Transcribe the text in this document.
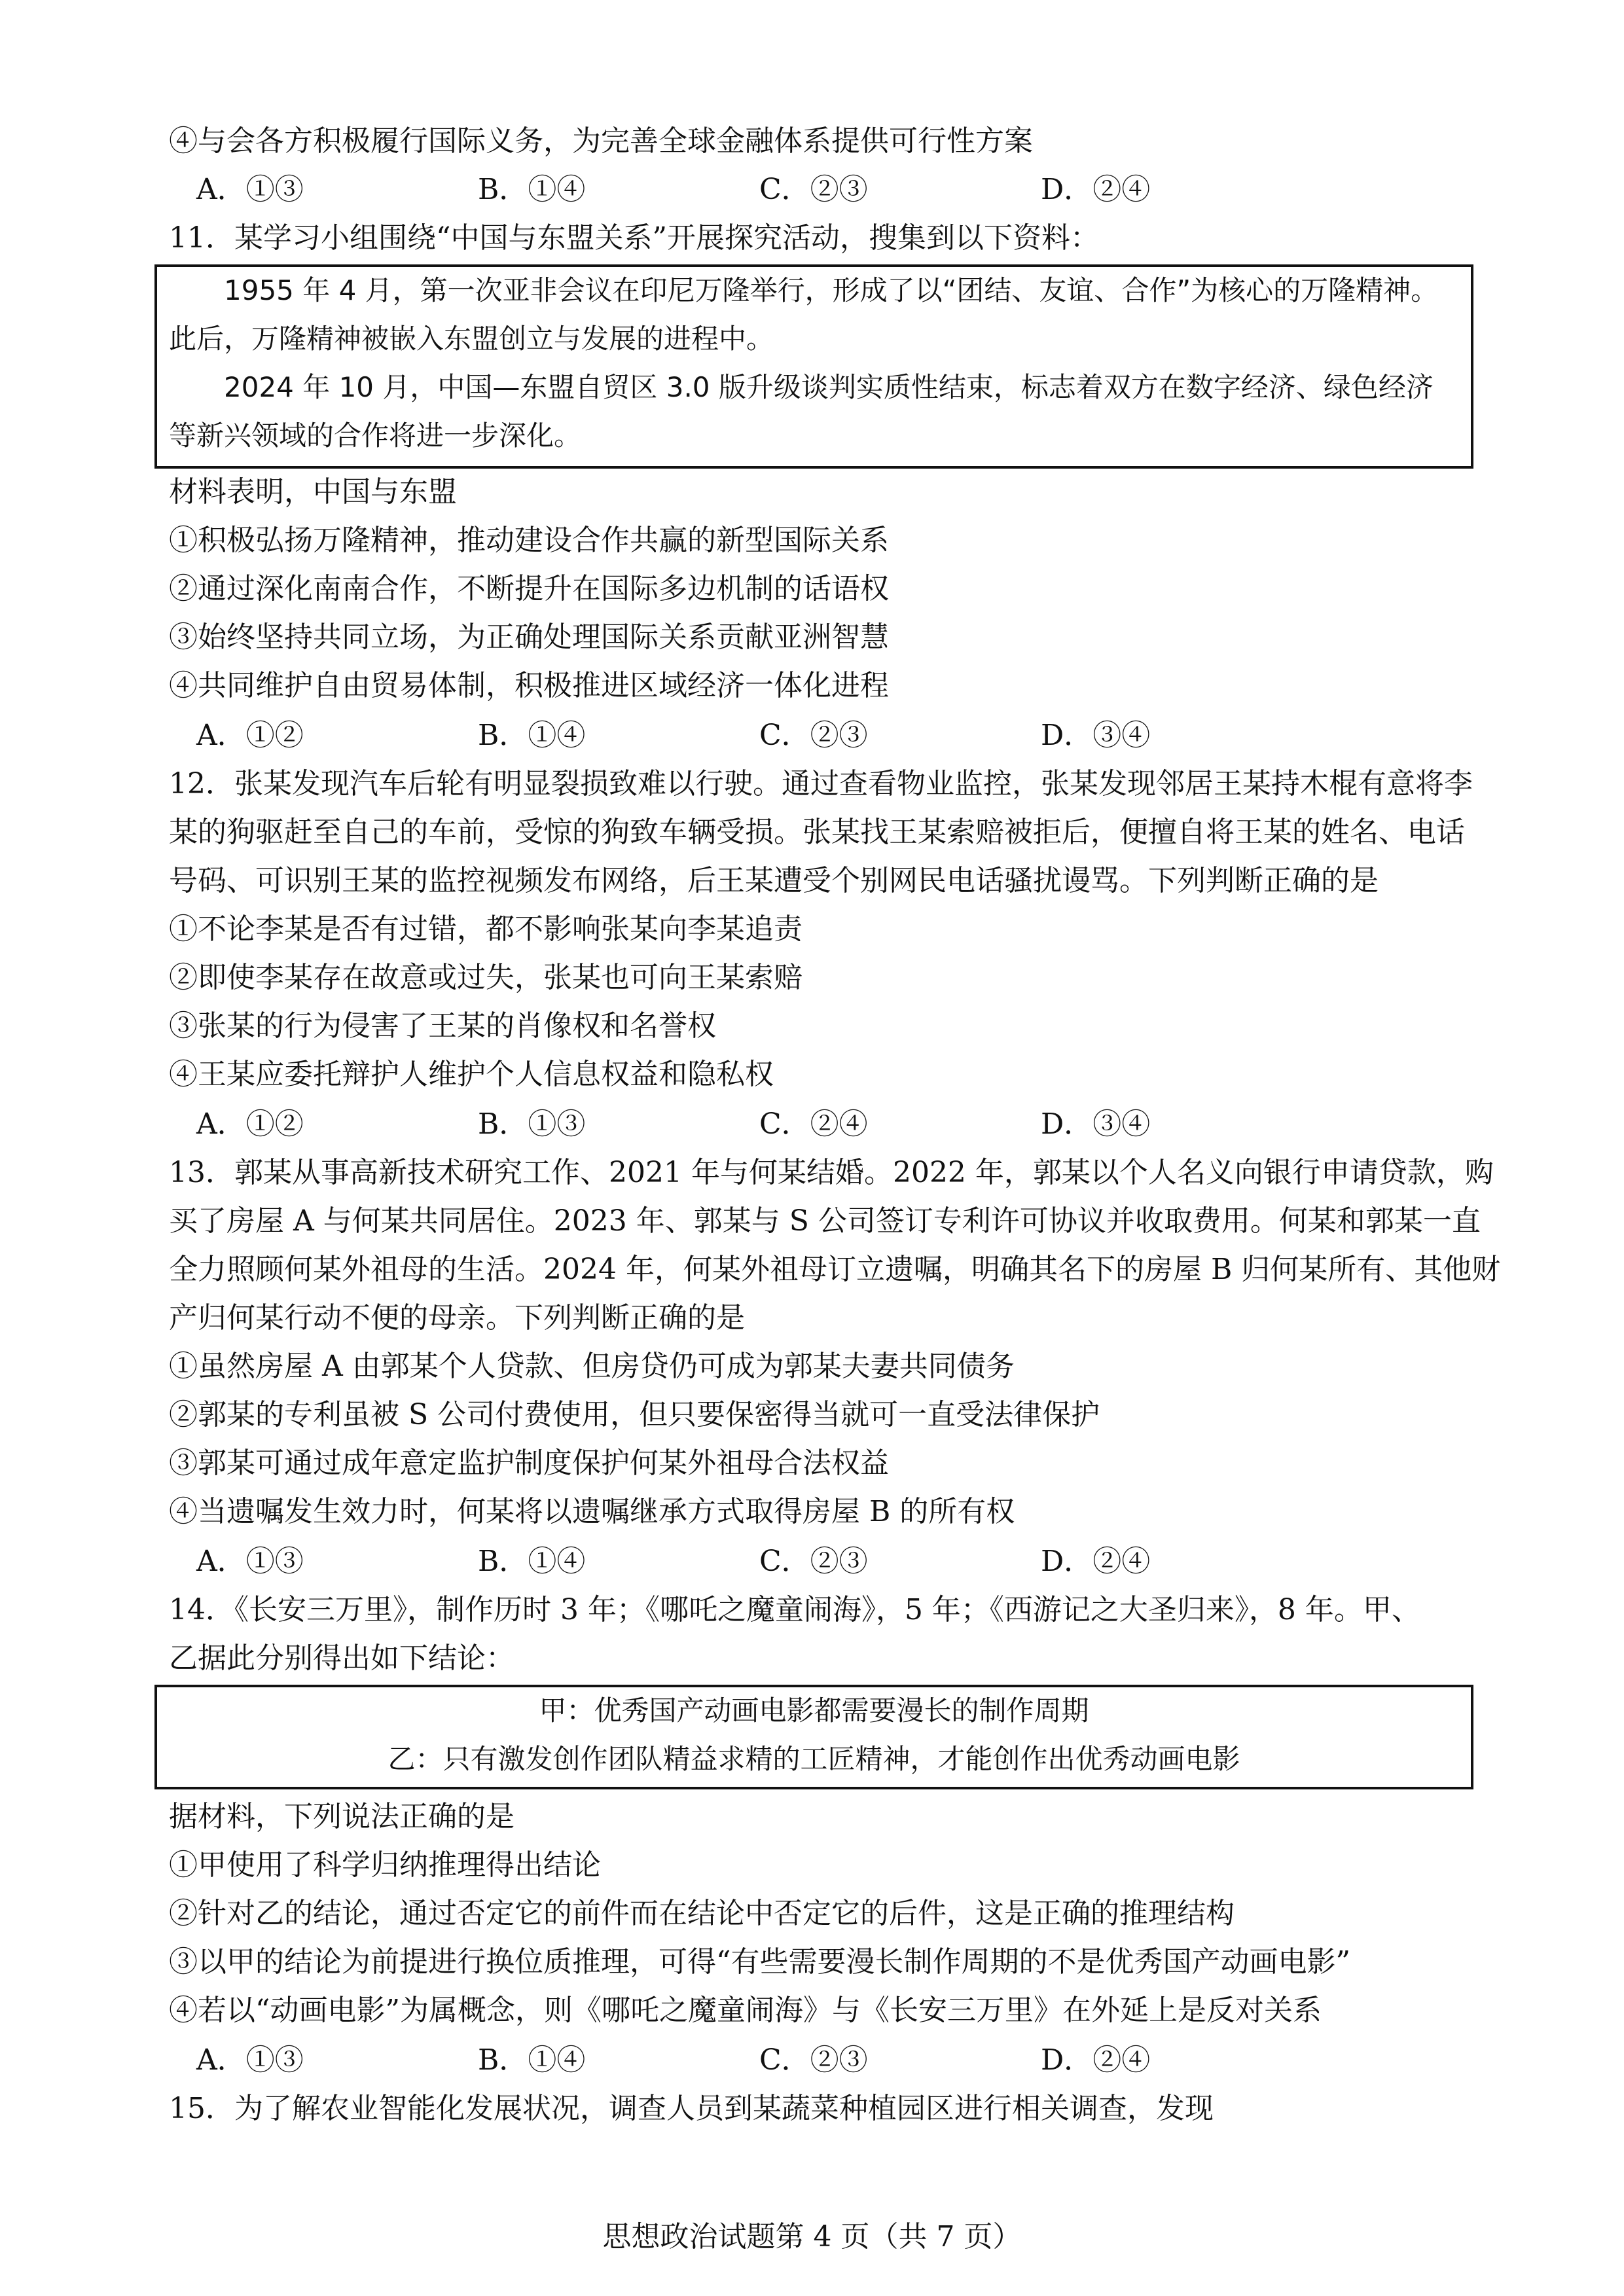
④与会各方积极履行国际义务，为完善全球金融体系提供可行性方案
A．①③	B．①④	C．②③	D．②④
11．某学习小组围绕“中国与东盟关系”开展探究活动，搜集到以下资料：
1955 年 4 月，第一次亚非会议在印尼万隆举行，形成了以“团结、友谊、合作”为核心的万隆精神。
此后，万隆精神被嵌入东盟创立与发展的进程中。
2024 年 10 月，中国—东盟自贸区 3.0 版升级谈判实质性结束，标志着双方在数字经济、绿色经济
等新兴领域的合作将进一步深化。
材料表明，中国与东盟
①积极弘扬万隆精神，推动建设合作共赢的新型国际关系
②通过深化南南合作，不断提升在国际多边机制的话语权
③始终坚持共同立场，为正确处理国际关系贡献亚洲智慧
④共同维护自由贸易体制，积极推进区域经济一体化进程
A．①②	B．①④	C．②③	D．③④
12．张某发现汽车后轮有明显裂损致难以行驶。通过查看物业监控，张某发现邻居王某持木棍有意将李
某的狗驱赶至自己的车前，受惊的狗致车辆受损。张某找王某索赔被拒后，便擅自将王某的姓名、电话
号码、可识别王某的监控视频发布网络，后王某遭受个别网民电话骚扰谩骂。下列判断正确的是
①不论李某是否有过错，都不影响张某向李某追责
②即使李某存在故意或过失，张某也可向王某索赔
③张某的行为侵害了王某的肖像权和名誉权
④王某应委托辩护人维护个人信息权益和隐私权
A．①②	B．①③	C．②④	D．③④
13．郭某从事高新技术研究工作、2021 年与何某结婚。2022 年，郭某以个人名义向银行申请贷款，购
买了房屋 A 与何某共同居住。2023 年、郭某与 S 公司签订专利许可协议并收取费用。何某和郭某一直
全力照顾何某外祖母的生活。2024 年，何某外祖母订立遗嘱，明确其名下的房屋 B 归何某所有、其他财
产归何某行动不便的母亲。下列判断正确的是
①虽然房屋 A 由郭某个人贷款、但房贷仍可成为郭某夫妻共同债务
②郭某的专利虽被 S 公司付费使用，但只要保密得当就可一直受法律保护
③郭某可通过成年意定监护制度保护何某外祖母合法权益
④当遗嘱发生效力时，何某将以遗嘱继承方式取得房屋 B 的所有权
A．①③	B．①④	C．②③	D．②④
14．《长安三万里》，制作历时 3 年；《哪吒之魔童闹海》，5 年；《西游记之大圣归来》，8 年。甲、
乙据此分别得出如下结论：
甲：优秀国产动画电影都需要漫长的制作周期
乙：只有激发创作团队精益求精的工匠精神，才能创作出优秀动画电影
据材料，下列说法正确的是
①甲使用了科学归纳推理得出结论
②针对乙的结论，通过否定它的前件而在结论中否定它的后件，这是正确的推理结构
③以甲的结论为前提进行换位质推理，可得“有些需要漫长制作周期的不是优秀国产动画电影”
④若以“动画电影”为属概念，则《哪吒之魔童闹海》与《长安三万里》在外延上是反对关系
A．①③	B．①④	C．②③	D．②④
15．为了解农业智能化发展状况，调查人员到某蔬菜种植园区进行相关调查，发现
思想政治试题第 4 页（共 7 页）
